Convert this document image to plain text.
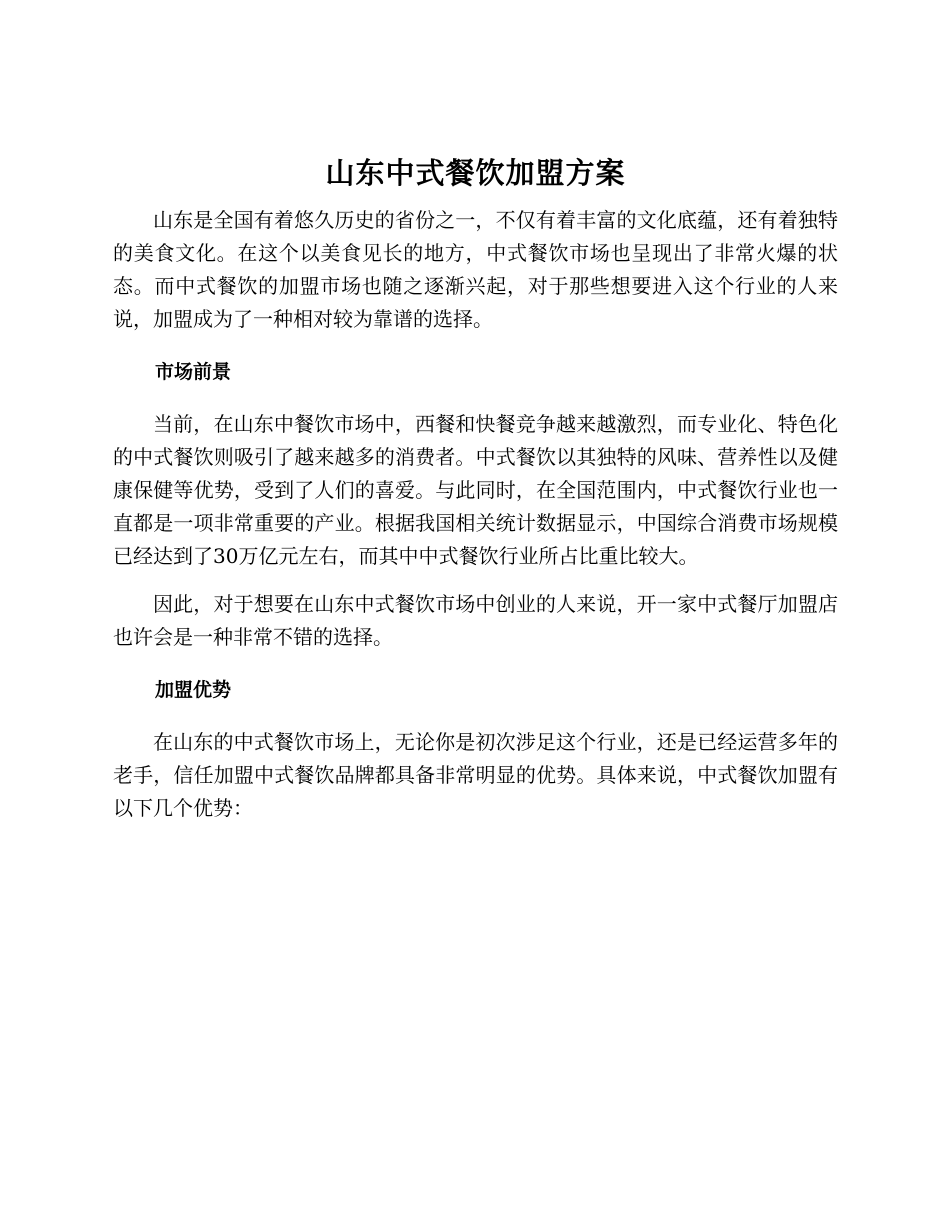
山东中式餐饮加盟方案

山东是全国有着悠久历史的省份之一，不仅有着丰富的文化底蕴，还有着独特的美食文化。在这个以美食见长的地方，中式餐饮市场也呈现出了非常火爆的状态。而中式餐饮的加盟市场也随之逐渐兴起，对于那些想要进入这个行业的人来说，加盟成为了一种相对较为靠谱的选择。

市场前景

当前，在山东中餐饮市场中，西餐和快餐竞争越来越激烈，而专业化、特色化的中式餐饮则吸引了越来越多的消费者。中式餐饮以其独特的风味、营养性以及健康保健等优势，受到了人们的喜爱。与此同时，在全国范围内，中式餐饮行业也一直都是一项非常重要的产业。根据我国相关统计数据显示，中国综合消费市场规模已经达到了30万亿元左右，而其中中式餐饮行业所占比重比较大。

因此，对于想要在山东中式餐饮市场中创业的人来说，开一家中式餐厅加盟店也许会是一种非常不错的选择。

加盟优势

在山东的中式餐饮市场上，无论你是初次涉足这个行业，还是已经运营多年的老手，信任加盟中式餐饮品牌都具备非常明显的优势。具体来说，中式餐饮加盟有以下几个优势：
